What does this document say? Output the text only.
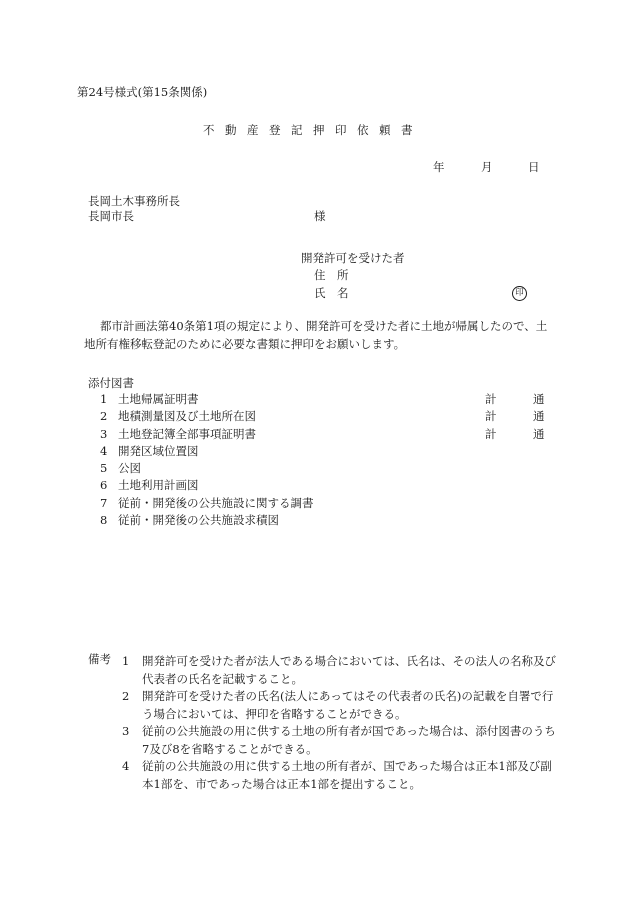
第24号様式(第15条関係)
不動産登記押印依頼書
年	月	日
長岡土木事務所長
長岡市長	様
開発許可を受けた者
住　所
氏　名	印

都市計画法第40条第1項の規定により、開発許可を受けた者に土地が帰属したので、土

地所有権移転登記のために必要な書類に押印をお願いします。

添付図書
1 土地帰属証明書	計	通
2 地積測量図及び土地所在図	計	通
3 土地登記簿全部事項証明書	計	通
4 開発区域位置図
5 公図
6 土地利用計画図
7 従前・開発後の公共施設に関する調書
8 従前・開発後の公共施設求積図
備考 1 開発許可を受けた者が法人である場合においては、氏名は、その法人の名称及び代表者の氏名を記載すること。
2 開発許可を受けた者の氏名(法人にあってはその代表者の氏名)の記載を自署で行う場合においては、押印を省略することができる。
3 従前の公共施設の用に供する土地の所有者が国であった場合は、添付図書のうち7及び8を省略することができる。
4 従前の公共施設の用に供する土地の所有者が、国であった場合は正本1部及び副本1部を、市であった場合は正本1部を提出すること。
